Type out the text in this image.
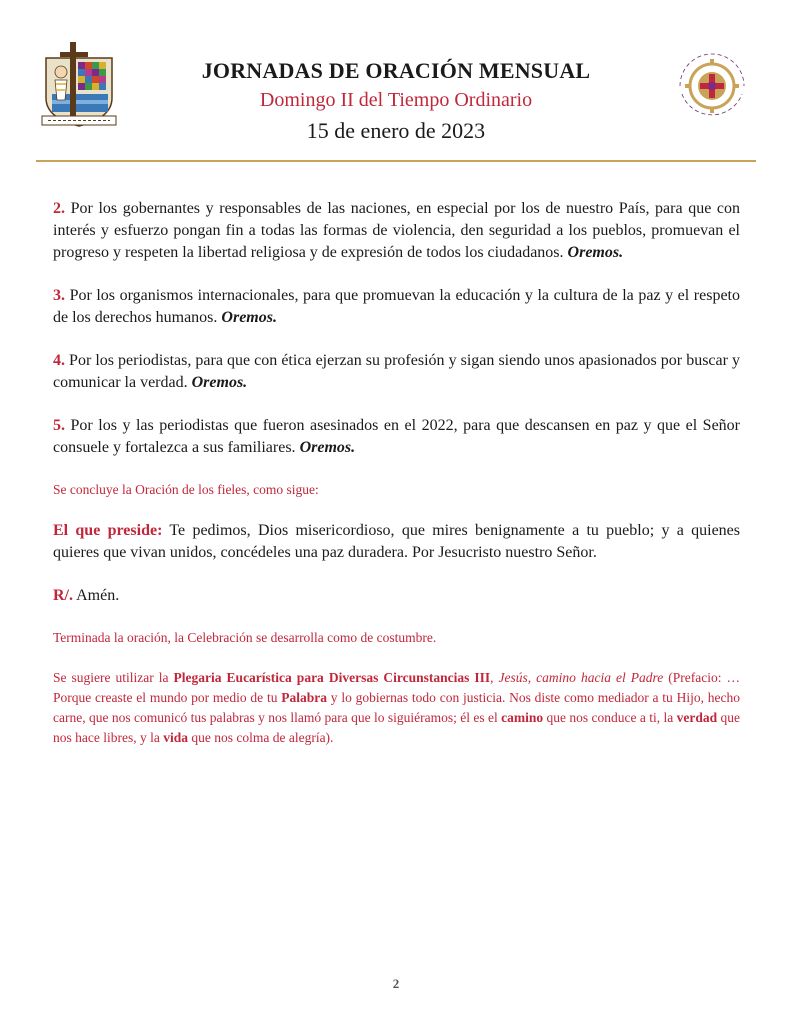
JORNADAS DE ORACIÓN MENSUAL
Domingo II del Tiempo Ordinario
15 de enero de 2023

2. Por los gobernantes y responsables de las naciones, en especial por los de nuestro País, para que con interés y esfuerzo pongan fin a todas las formas de violencia, den seguridad a los pueblos, promuevan el progreso y respeten la libertad religiosa y de expresión de todos los ciudadanos. Oremos.

3. Por los organismos internacionales, para que promuevan la educación y la cultura de la paz y el respeto de los derechos humanos. Oremos.

4. Por los periodistas, para que con ética ejerzan su profesión y sigan siendo unos apasionados por buscar y comunicar la verdad. Oremos.

5. Por los y las periodistas que fueron asesinados en el 2022, para que descansen en paz y que el Señor consuele y fortalezca a sus familiares. Oremos.

Se concluye la Oración de los fieles, como sigue:

El que preside: Te pedimos, Dios misericordioso, que mires benignamente a tu pueblo; y a quienes quieres que vivan unidos, concédeles una paz duradera. Por Jesucristo nuestro Señor.

R/. Amén.

Terminada la oración, la Celebración se desarrolla como de costumbre.

Se sugiere utilizar la Plegaria Eucarística para Diversas Circunstancias III, Jesús, camino hacia el Padre (Prefacio: …Porque creaste el mundo por medio de tu Palabra y lo gobiernas todo con justicia. Nos diste como mediador a tu Hijo, hecho carne, que nos comunicó tus palabras y nos llamó para que lo siguiéramos; él es el camino que nos conduce a ti, la verdad que nos hace libres, y la vida que nos colma de alegría).

2
